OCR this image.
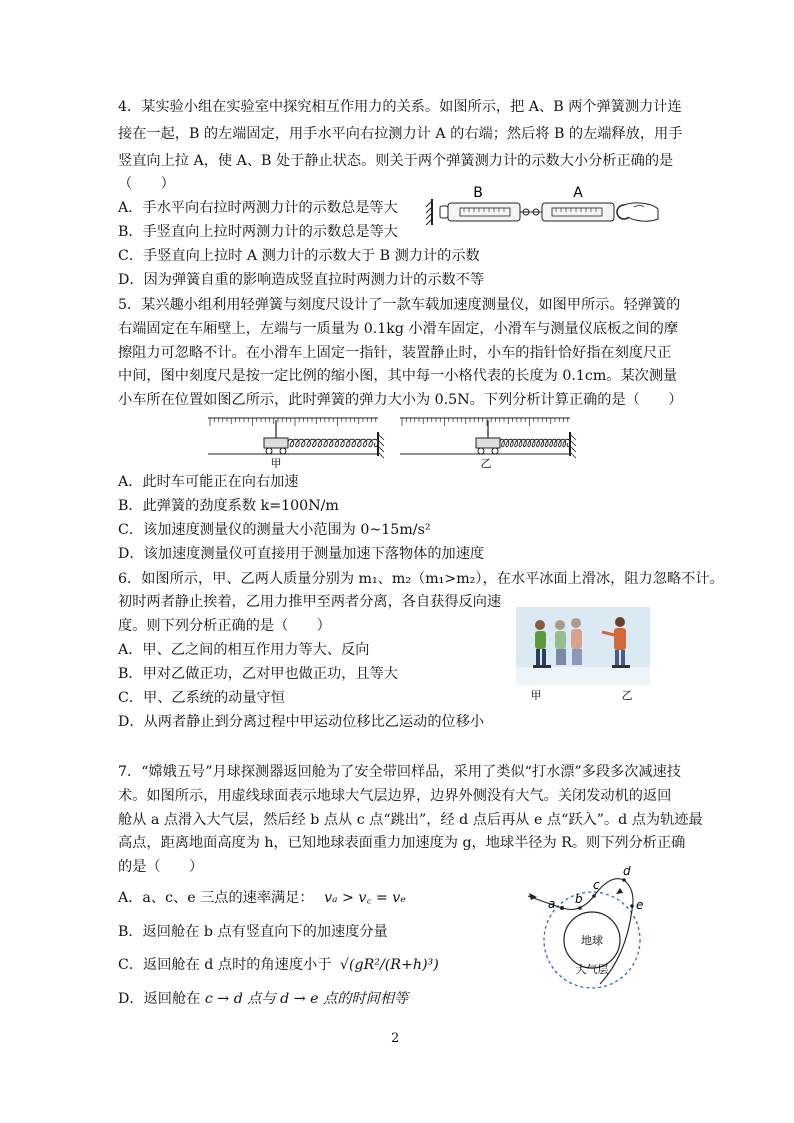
4．某实验小组在实验室中探究相互作用力的关系。如图所示，把 A、B 两个弹簧测力计连
接在一起，B 的左端固定，用手水平向右拉测力计 A 的右端；然后将 B 的左端释放，用手
竖直向上拉 A，使 A、B 处于静止状态。则关于两个弹簧测力计的示数大小分析正确的是
（　　）
A．手水平向右拉时两测力计的示数总是等大
B．手竖直向上拉时两测力计的示数总是等大
C．手竖直向上拉时 A 测力计的示数大于 B 测力计的示数
D．因为弹簧自重的影响造成竖直拉时两测力计的示数不等
B	A
5．某兴趣小组利用轻弹簧与刻度尺设计了一款车载加速度测量仪，如图甲所示。轻弹簧的
右端固定在车厢壁上，左端与一质量为 0.1kg 小滑车固定，小滑车与测量仪底板之间的摩
擦阻力可忽略不计。在小滑车上固定一指针，装置静止时，小车的指针恰好指在刻度尺正
中间，图中刻度尺是按一定比例的缩小图，其中每一小格代表的长度为 0.1cm。某次测量
小车所在位置如图乙所示，此时弹簧的弹力大小为 0.5N。下列分析计算正确的是（　　）
甲	乙
A．此时车可能正在向右加速
B．此弹簧的劲度系数 k=100N/m
C．该加速度测量仪的测量大小范围为 0~15m/s²
D．该加速度测量仪可直接用于测量加速下落物体的加速度
6．如图所示，甲、乙两人质量分别为 m₁、m₂（m₁>m₂），在水平冰面上滑冰，阻力忽略不计。
初时两者静止挨着，乙用力推甲至两者分离，各自获得反向速
度。则下列分析正确的是（　　）
A．甲、乙之间的相互作用力等大、反向
B．甲对乙做正功，乙对甲也做正功，且等大
C．甲、乙系统的动量守恒
D．从两者静止到分离过程中甲运动位移比乙运动的位移小
甲	乙
7．“嫦娥五号”月球探测器返回舱为了安全带回样品，采用了类似“打水漂”多段多次减速技
术。如图所示，用虚线球面表示地球大气层边界，边界外侧没有大气。关闭发动机的返回
舱从 a 点滑入大气层，然后经 b 点从 c 点“跳出”，经 d 点后再从 e 点“跃入”。d 点为轨迹最
高点，距离地面高度为 h，已知地球表面重力加速度为 g，地球半径为 R。则下列分析正确
的是（　　）
A．a、c、e 三点的速率满足： vₐ > v꜀ = vₑ
B．返回舱在 b 点有竖直向下的加速度分量
C．返回舱在 d 点时的角速度小于 √(gR²/(R+h)³)
D．返回舱在 c → d 点与 d → e 点的时间相等
a b
c
d
e
地球
大气层
2
